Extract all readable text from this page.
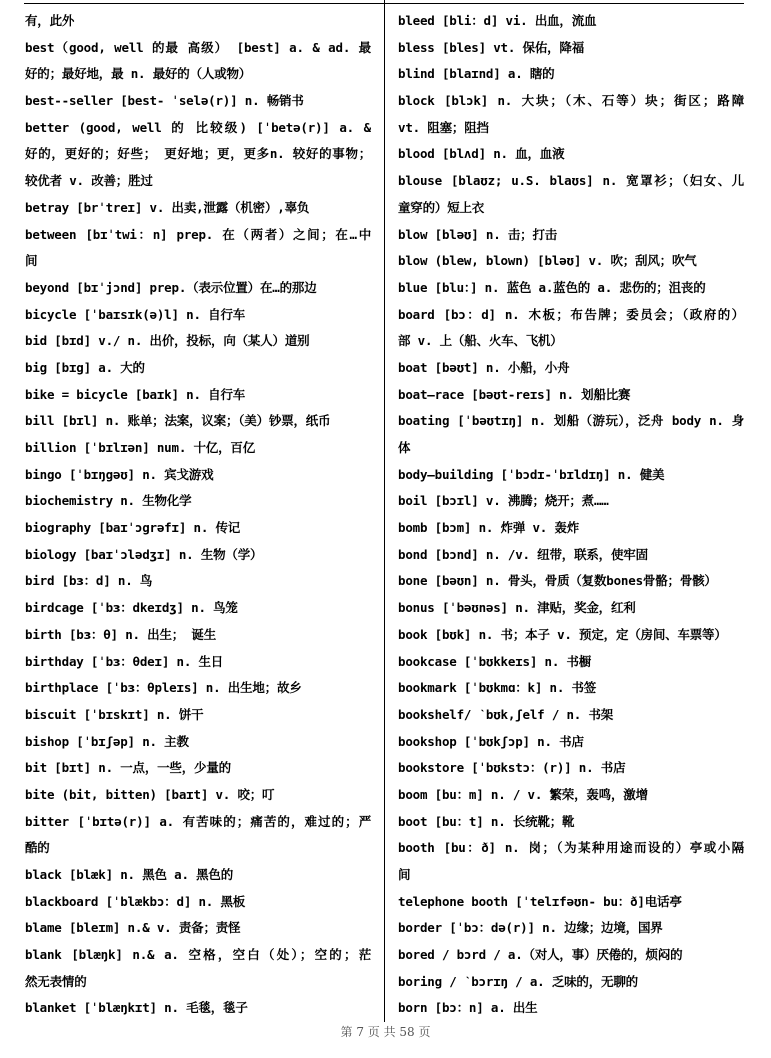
有，此外
best（good, well 的最 高级） [best] a. & ad. 最
好的；最好地，最 n. 最好的（人或物）
best--seller [best- ˈselə(r)] n. 畅销书
better (good, well 的 比较级) [ˈbetə(r)] a. &
好的，更好的；好些； 更好地；更，更多n. 较好的事物；
较优者 v. 改善；胜过
betray [brˈtreɪ] v. 出卖,泄露（机密）,辜负
between [bɪˈtwi：n] prep. 在（两者）之间；在…中
间
beyond [bɪˈjɔnd] prep.（表示位置）在…的那边
bicycle [ˈbaɪsɪk(ə)l] n. 自行车
bid [bɪd] v./ n. 出价，投标，向（某人）道别
big [bɪg] a. 大的
bike = bicycle [baɪk] n. 自行车
bill [bɪl] n. 账单；法案，议案；（美）钞票，纸币
billion [ˈbɪlɪən] num. 十亿，百亿
bingo [ˈbɪŋgəʊ] n. 宾戈游戏
biochemistry n. 生物化学
biography [baɪˈɔgrəfɪ] n. 传记
biology [baɪˈɔlədʒɪ] n. 生物（学）
bird [bɜ：d] n. 鸟
birdcage [ˈbɜ：dkeɪdʒ] n. 鸟笼
birth [bɜ：θ] n. 出生； 诞生
birthday [ˈbɜ：θdeɪ] n. 生日
birthplace [ˈbɜ：θpleɪs] n. 出生地；故乡
biscuit [ˈbɪskɪt] n. 饼干
bishop [ˈbɪʃəp] n. 主教
bit [bɪt] n. 一点，一些，少量的
bite (bit, bitten) [baɪt] v. 咬；叮
bitter [ˈbɪtə(r)] a. 有苦味的；痛苦的，难过的；严
酷的
black [blæk] n. 黑色 a. 黑色的
blackboard [ˈblækbɔ：d] n. 黑板
blame [bleɪm] n.& v. 责备；责怪
blank [blæŋk] n.& a. 空格，空白（处）；空的；茫
然无表情的
blanket [ˈblæŋkɪt] n. 毛毯，毯子
bleed [bli：d] vi. 出血，流血
bless [bles] vt. 保佑，降福
blind [blaɪnd] a. 瞎的
block [blɔk] n. 大块；（木、石等）块；街区；路障
vt. 阻塞；阻挡
blood [blʌd] n. 血，血液
blouse [blaʊz; u.S. blaʊs] n. 宽罩衫；（妇女、儿
童穿的）短上衣
blow [bləʊ] n. 击；打击
blow (blew, blown) [bləʊ] v. 吹；刮风；吹气
blue [blu：] n. 蓝色 a.蓝色的 a. 悲伤的；沮丧的
board [bɔ：d] n. 木板；布告牌；委员会；（政府的）
部 v. 上（船、火车、飞机）
boat [bəʊt] n. 小船，小舟
boat—race [bəʊt-reɪs] n. 划船比赛
boating [ˈbəʊtɪŋ] n. 划船（游玩），泛舟 body n. 身
体
body—building [ˈbɔdɪ-ˈbɪldɪŋ] n. 健美
boil [bɔɪl] v. 沸腾；烧开；煮……
bomb [bɔm] n. 炸弹 v. 轰炸
bond [bɔnd] n. /v. 纽带，联系，使牢固
bone [bəʊn] n. 骨头，骨质（复数bones骨骼；骨骸）
bonus [ˈbəʊnəs] n. 津贴，奖金，红利
book [bʊk] n. 书；本子 v. 预定，定（房间、车票等）
bookcase [ˈbʊkkeɪs] n. 书橱
bookmark [ˈbʊkmɑ：k] n. 书签
bookshelf/ ˋbʊk,ʃelf / n. 书架
bookshop [ˈbʊkʃɔp] n. 书店
bookstore [ˈbʊkstɔ：(r)] n. 书店
boom [bu：m] n. / v. 繁荣，轰鸣，激增
boot [bu：t] n. 长统靴；靴
booth [bu：ð] n. 岗；（为某种用途而设的）亭或小隔
间
telephone booth [ˈtelɪfəʊn- bu：ð]电话亭
border [ˈbɔ：də(r)] n. 边缘；边境，国界
bored / bɔrd / a.（对人，事）厌倦的，烦闷的
boring / ˋbɔrɪŋ / a. 乏味的，无聊的
born [bɔ：n] a. 出生
第 7 页 共 58 页
